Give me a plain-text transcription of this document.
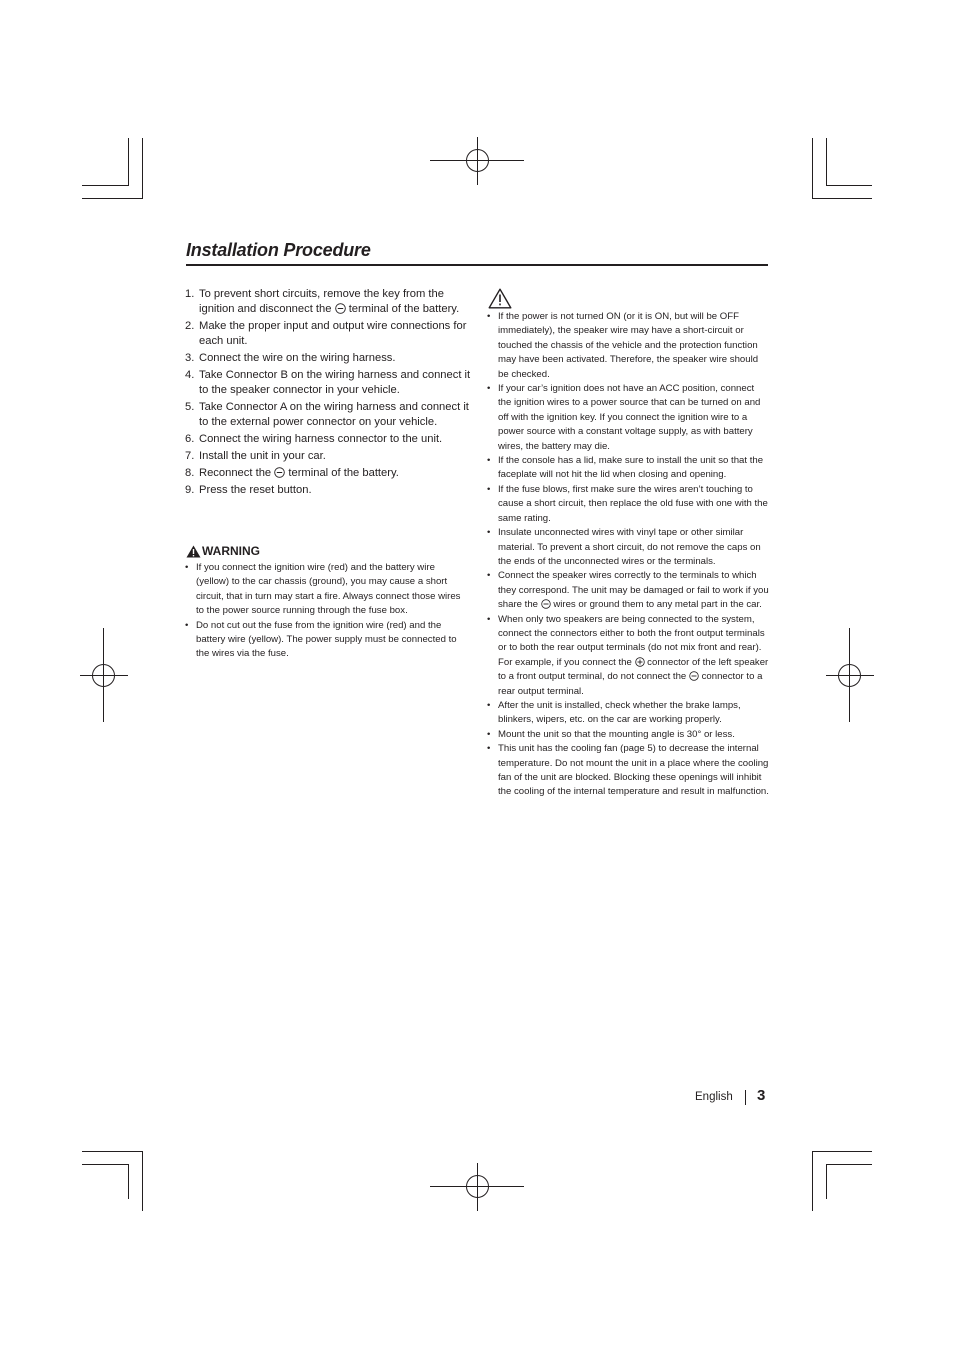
Installation Procedure
1. To prevent short circuits, remove the key from the ignition and disconnect the  terminal of the battery.
2. Make the proper input and output wire connections for each unit.
3. Connect the wire on the wiring harness.
4. Take Connector B on the wiring harness and connect it to the speaker connector in your vehicle.
5. Take Connector A on the wiring harness and connect it to the external power connector on your vehicle.
6. Connect the wiring harness connector to the unit.
7. Install the unit in your car.
8. Reconnect the  terminal of the battery.
9. Press the reset button.
WARNING
• If you connect the ignition wire (red) and the battery wire (yellow) to the car chassis (ground), you may cause a short circuit, that in turn may start a fire. Always connect those wires to the power source running through the fuse box.
• Do not cut out the fuse from the ignition wire (red) and the battery wire (yellow). The power supply must be connected to the wires via the fuse.
• If the power is not turned ON (or it is ON, but will be OFF immediately), the speaker wire may have a short-circuit or touched the chassis of the vehicle and the protection function may have been activated. Therefore, the speaker wire should be checked.
• If your car’s ignition does not have an ACC position, connect the ignition wires to a power source that can be turned on and off with the ignition key. If you connect the ignition wire to a power source with a constant voltage supply, as with battery wires, the battery may die.
• If the console has a lid, make sure to install the unit so that the faceplate will not hit the lid when closing and opening.
• If the fuse blows, first make sure the wires aren’t touching to cause a short circuit, then replace the old fuse with one with the same rating.
• Insulate unconnected wires with vinyl tape or other similar material. To prevent a short circuit, do not remove the caps on the ends of the unconnected wires or the terminals.
• Connect the speaker wires correctly to the terminals to which they correspond. The unit may be damaged or fail to work if you share the  wires or ground them to any metal part in the car.
• When only two speakers are being connected to the system, connect the connectors either to both the front output terminals or to both the rear output terminals (do not mix front and rear). For example, if you connect the  connector of the left speaker to a front output terminal, do not connect the  connector to a rear output terminal.
• After the unit is installed, check whether the brake lamps, blinkers, wipers, etc. on the car are working properly.
• Mount the unit so that the mounting angle is 30° or less.
• This unit has the cooling fan (page 5) to decrease the internal temperature. Do not mount the unit in a place where the cooling fan of the unit are blocked. Blocking these openings will inhibit the cooling of the internal temperature and result in malfunction.
English 3
